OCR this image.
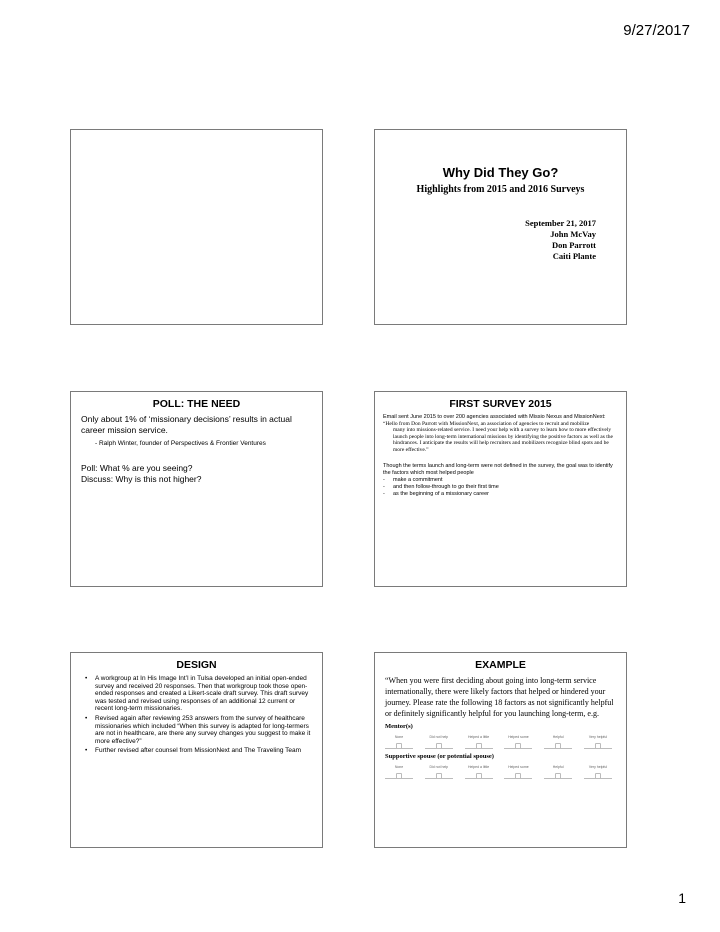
9/27/2017
Why Did They Go?
Highlights from 2015 and 2016 Surveys
September 21, 2017
John McVay
Don Parrott
Caiti Plante
POLL: THE NEED
Only about 1% of ‘missionary decisions’ results in actual career mission service.
- Ralph Winter, founder of Perspectives & Frontier Ventures
Poll: What % are you seeing?
Discuss: Why is this not higher?
FIRST SURVEY 2015
Email sent June 2015 to over 200 agencies associated with Missio Nexus and MissionNext:
“Hello from Don Parrott with MissionNext, an association of agencies to recruit and mobilize
many into missions-related service. I need your help with a survey to learn how to more effectively launch people into long-term international missions by identifying the positive factors as well as the hindrances. I anticipate the results will help recruiters and mobilizers recognize blind spots and be more effective.”
Though the terms launch and long-term were not defined in the survey, the goal was to identify the factors which most helped people
- make a commitment
- and then follow-through to go their first time
- as the beginning of a missionary career
DESIGN
• A workgroup at In His Image Int’l in Tulsa developed an initial open-ended survey and received 20 responses. Then that workgroup took those open-ended responses and created a Likert-scale draft survey. This draft survey was tested and revised using responses of an additional 12 current or recent long-term missionaries.
• Revised again after reviewing 253 answers from the survey of healthcare missionaries which included “When this survey is adapted for long-termers are not in healthcare, are there any survey changes you suggest to make it more effective?”
• Further revised after counsel from MissionNext and The Traveling Team
EXAMPLE
“When you were first deciding about going into long-term service internationally, there were likely factors that helped or hindered your journey. Please rate the following 18 factors as not significantly helpful or definitely significantly helpful for you launching long-term, e.g.
Mentor(s)
None	Did not help	Helped a little	Helped some	Helpful	Very helpful
Supportive spouse (or potential spouse)
None	Did not help	Helped a little	Helped some	Helpful	Very helpful
1
